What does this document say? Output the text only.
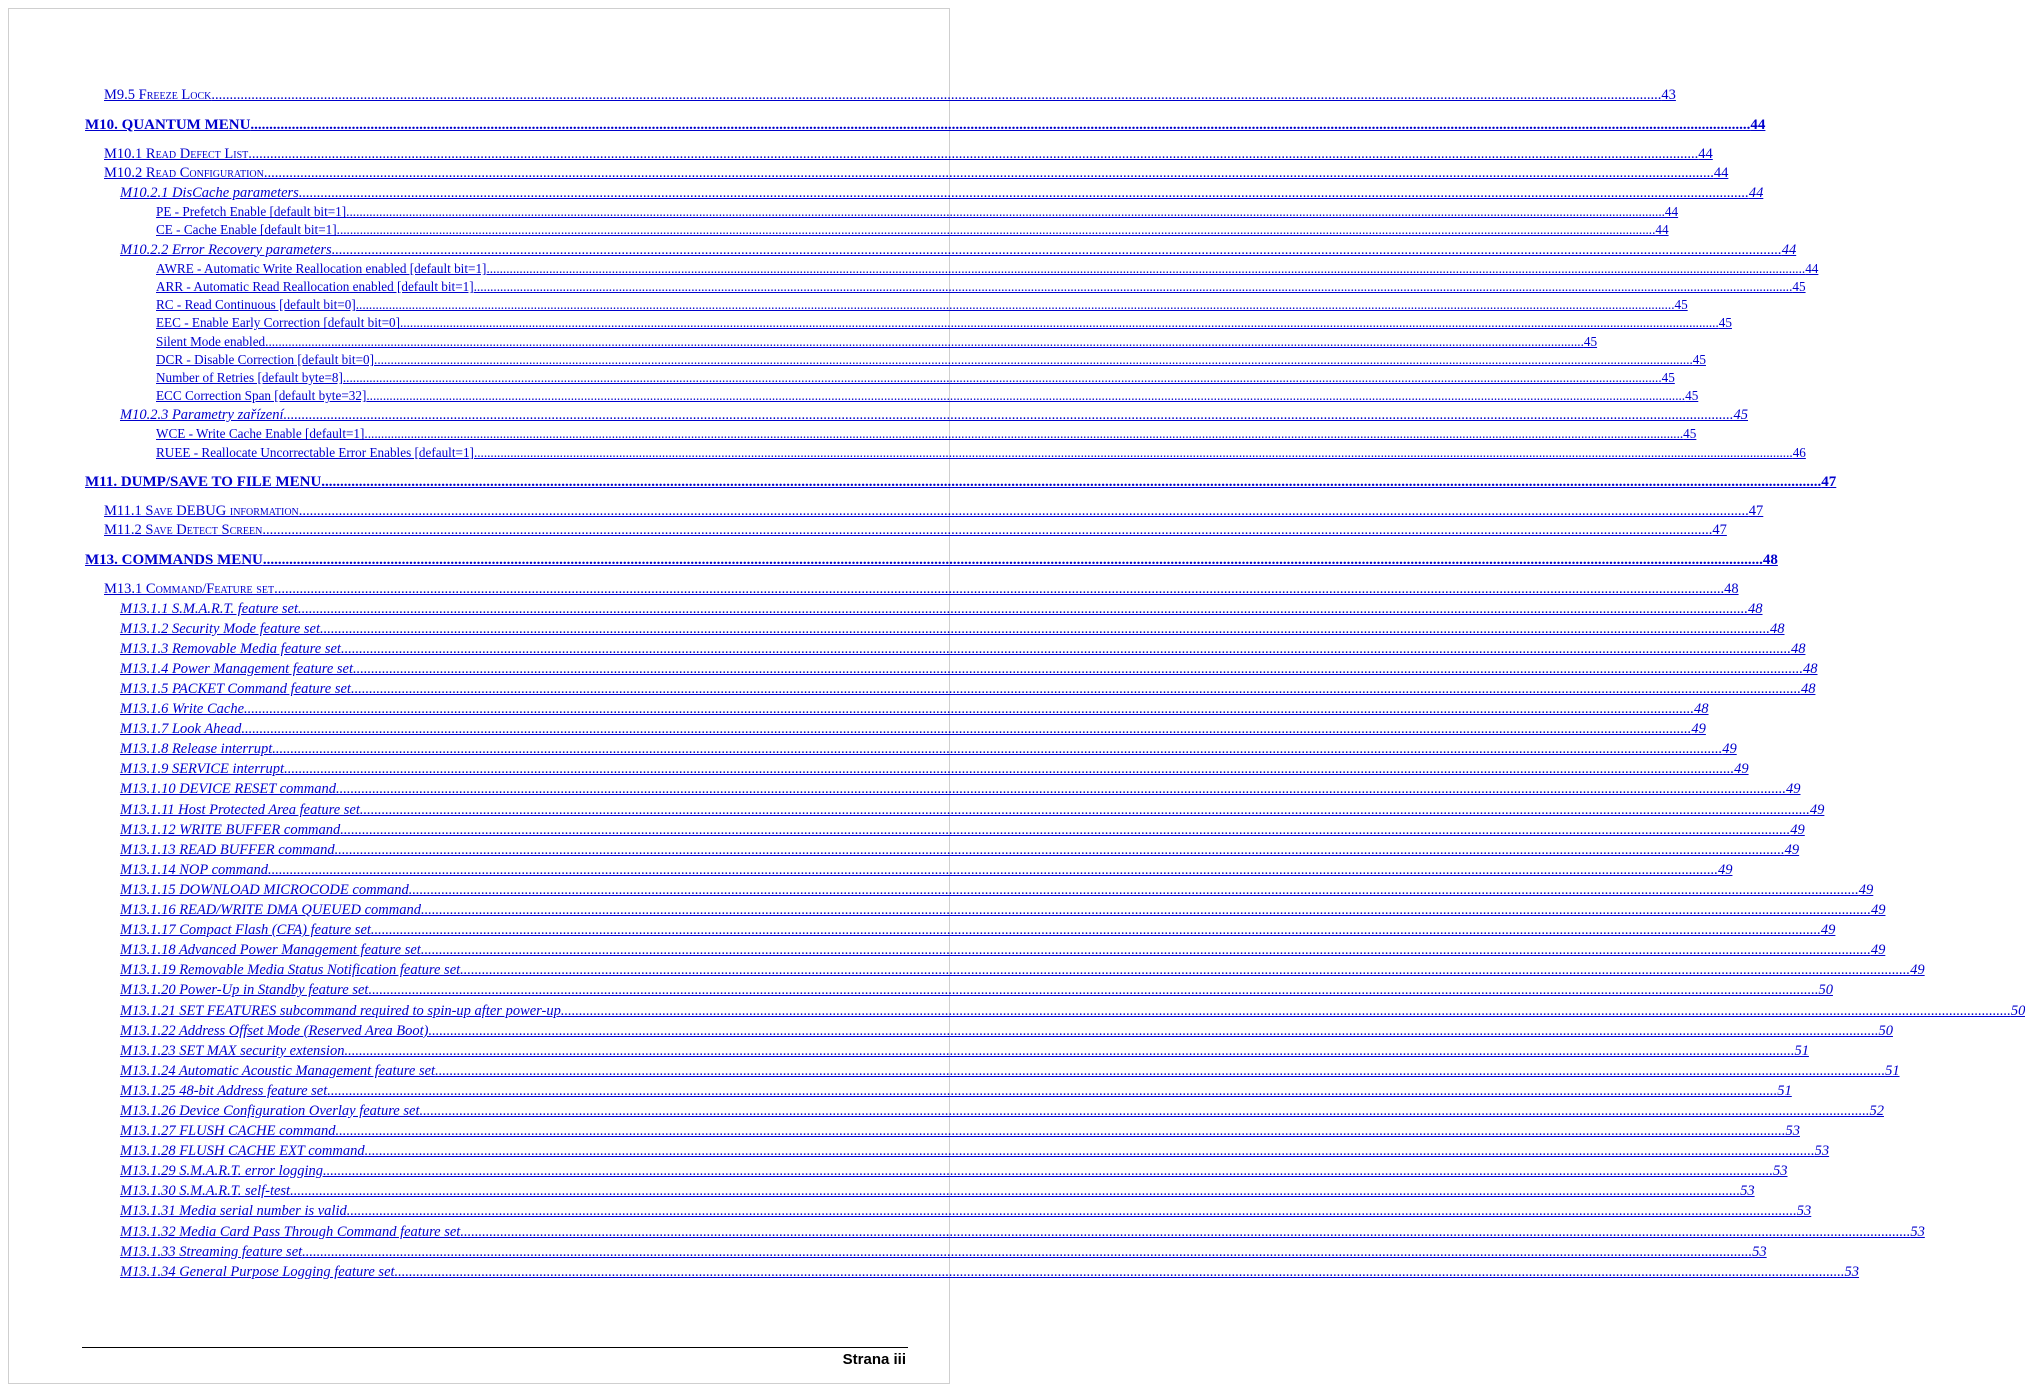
M9.5 Freeze Lock ................................................................................................................................................................................................................................................................................................................................................................................................................ 43
M10. QUANTUM MENU ................................................................................................................................................................................................................................................................................................................................................................................................................ 44
M10.1 Read Defect List ................................................................................................................................................................................................................................................................................................................................................................................................................ 44
M10.2 Read Configuration ................................................................................................................................................................................................................................................................................................................................................................................................................ 44
M10.2.1 DisCache parameters ................................................................................................................................................................................................................................................................................................................................................................................................................ 44
PE - Prefetch Enable [default bit=1] ................................................................................................................................................................................................................................................................................................................................................................................................................ 44
CE - Cache Enable [default bit=1] ................................................................................................................................................................................................................................................................................................................................................................................................................ 44
M10.2.2 Error Recovery parameters ................................................................................................................................................................................................................................................................................................................................................................................................................ 44
AWRE - Automatic Write Reallocation enabled [default bit=1] ................................................................................................................................................................................................................................................................................................................................................................................................................ 44
ARR - Automatic Read Reallocation enabled [default bit=1] ................................................................................................................................................................................................................................................................................................................................................................................................................ 45
RC - Read Continuous [default bit=0] ................................................................................................................................................................................................................................................................................................................................................................................................................ 45
EEC - Enable Early Correction [default bit=0] ................................................................................................................................................................................................................................................................................................................................................................................................................ 45
Silent Mode enabled ................................................................................................................................................................................................................................................................................................................................................................................................................ 45
DCR - Disable Correction [default bit=0] ................................................................................................................................................................................................................................................................................................................................................................................................................ 45
Number of Retries [default byte=8] ................................................................................................................................................................................................................................................................................................................................................................................................................ 45
ECC Correction Span [default byte=32] ................................................................................................................................................................................................................................................................................................................................................................................................................ 45
M10.2.3 Parametry zařízení ................................................................................................................................................................................................................................................................................................................................................................................................................ 45
WCE - Write Cache Enable [default=1] ................................................................................................................................................................................................................................................................................................................................................................................................................ 45
RUEE - Reallocate Uncorrectable Error Enables [default=1] ................................................................................................................................................................................................................................................................................................................................................................................................................ 46
M11. DUMP/SAVE TO FILE MENU ................................................................................................................................................................................................................................................................................................................................................................................................................ 47
M11.1 Save DEBUG information ................................................................................................................................................................................................................................................................................................................................................................................................................ 47
M11.2 Save Detect Screen ................................................................................................................................................................................................................................................................................................................................................................................................................ 47
M13. COMMANDS MENU ................................................................................................................................................................................................................................................................................................................................................................................................................ 48
M13.1 Command/Feature set ................................................................................................................................................................................................................................................................................................................................................................................................................ 48
M13.1.1 S.M.A.R.T. feature set ................................................................................................................................................................................................................................................................................................................................................................................................................ 48
M13.1.2 Security Mode feature set ................................................................................................................................................................................................................................................................................................................................................................................................................ 48
M13.1.3 Removable Media feature set ................................................................................................................................................................................................................................................................................................................................................................................................................ 48
M13.1.4 Power Management feature set ................................................................................................................................................................................................................................................................................................................................................................................................................ 48
M13.1.5 PACKET Command feature set ................................................................................................................................................................................................................................................................................................................................................................................................................ 48
M13.1.6 Write Cache ................................................................................................................................................................................................................................................................................................................................................................................................................ 48
M13.1.7 Look Ahead ................................................................................................................................................................................................................................................................................................................................................................................................................ 49
M13.1.8 Release interrupt ................................................................................................................................................................................................................................................................................................................................................................................................................ 49
M13.1.9 SERVICE interrupt ................................................................................................................................................................................................................................................................................................................................................................................................................ 49
M13.1.10 DEVICE RESET command ................................................................................................................................................................................................................................................................................................................................................................................................................ 49
M13.1.11 Host Protected Area feature set ................................................................................................................................................................................................................................................................................................................................................................................................................ 49
M13.1.12 WRITE BUFFER command ................................................................................................................................................................................................................................................................................................................................................................................................................ 49
M13.1.13 READ BUFFER command ................................................................................................................................................................................................................................................................................................................................................................................................................ 49
M13.1.14 NOP command ................................................................................................................................................................................................................................................................................................................................................................................................................ 49
M13.1.15 DOWNLOAD MICROCODE command ................................................................................................................................................................................................................................................................................................................................................................................................................ 49
M13.1.16 READ/WRITE DMA QUEUED command ................................................................................................................................................................................................................................................................................................................................................................................................................ 49
M13.1.17 Compact Flash (CFA) feature set ................................................................................................................................................................................................................................................................................................................................................................................................................ 49
M13.1.18 Advanced Power Management feature set ................................................................................................................................................................................................................................................................................................................................................................................................................ 49
M13.1.19 Removable Media Status Notification feature set ................................................................................................................................................................................................................................................................................................................................................................................................................ 49
M13.1.20 Power-Up in Standby feature set ................................................................................................................................................................................................................................................................................................................................................................................................................ 50
M13.1.21 SET FEATURES subcommand required to spin-up after power-up ................................................................................................................................................................................................................................................................................................................................................................................................................ 50
M13.1.22 Address Offset Mode (Reserved Area Boot) ................................................................................................................................................................................................................................................................................................................................................................................................................ 50
M13.1.23 SET MAX security extension ................................................................................................................................................................................................................................................................................................................................................................................................................ 51
M13.1.24 Automatic Acoustic Management feature set ................................................................................................................................................................................................................................................................................................................................................................................................................ 51
M13.1.25 48-bit Address feature set ................................................................................................................................................................................................................................................................................................................................................................................................................ 51
M13.1.26 Device Configuration Overlay feature set ................................................................................................................................................................................................................................................................................................................................................................................................................ 52
M13.1.27 FLUSH CACHE command ................................................................................................................................................................................................................................................................................................................................................................................................................ 53
M13.1.28 FLUSH CACHE EXT command ................................................................................................................................................................................................................................................................................................................................................................................................................ 53
M13.1.29 S.M.A.R.T. error logging ................................................................................................................................................................................................................................................................................................................................................................................................................ 53
M13.1.30 S.M.A.R.T. self-test ................................................................................................................................................................................................................................................................................................................................................................................................................ 53
M13.1.31 Media serial number is valid ................................................................................................................................................................................................................................................................................................................................................................................................................ 53
M13.1.32 Media Card Pass Through Command feature set ................................................................................................................................................................................................................................................................................................................................................................................................................ 53
M13.1.33 Streaming feature set ................................................................................................................................................................................................................................................................................................................................................................................................................ 53
M13.1.34 General Purpose Logging feature set ................................................................................................................................................................................................................................................................................................................................................................................................................ 53
Strana iii
